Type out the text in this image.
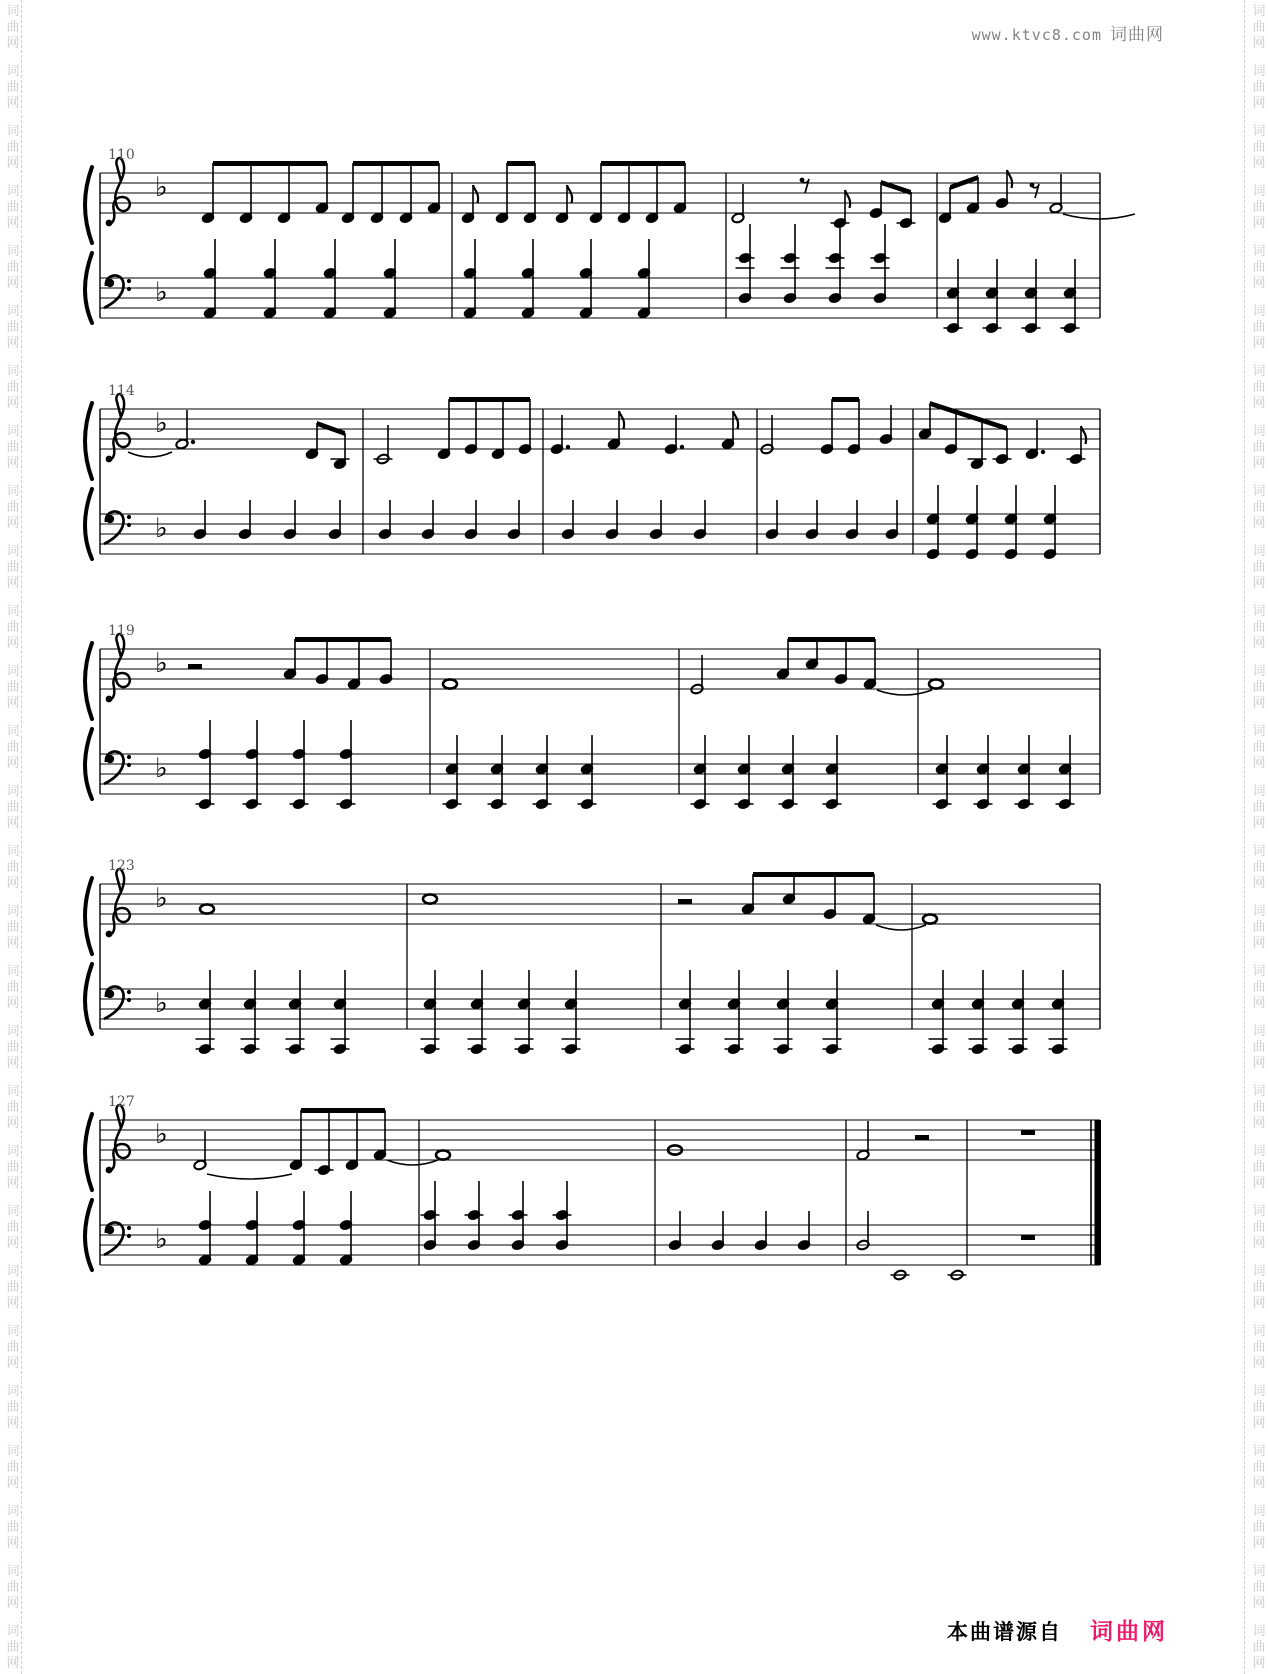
词
曲
网
词
曲
网
词
曲
网
词
曲
网
词
曲
网
词
曲
网
词
曲
网
词
曲
网
词
曲
网
词
曲
网
词
曲
网
词
曲
网
词
曲
网
词
曲
网
词
曲
网
词
曲
网
词
曲
网
词
曲
网
词
曲
网
词
曲
网
词
曲
网
词
曲
网
词
曲
网
词
曲
网
词
曲
网
词
曲
网
词
曲
网
词
曲
网
词
曲
网
词
曲
网
词
曲
网
词
曲
网
词
曲
网
词
曲
网
词
曲
网
词
曲
网
词
曲
网
词
曲
网
词
曲
网
词
曲
网
词
曲
网
词
曲
网
词
曲
网
词
曲
网
词
曲
网
词
曲
网
词
曲
网
词
曲
网
词
曲
网
词
曲
网
词
曲
网
词
曲
网
词
曲
网
词
曲
网
词
曲
网
词
曲
网
www.ktvc8.com 词曲网
♭
♭
110
♭
♭
114
♭
♭
119
♭
♭
123
♭
♭
127
本曲谱源自 词曲网
